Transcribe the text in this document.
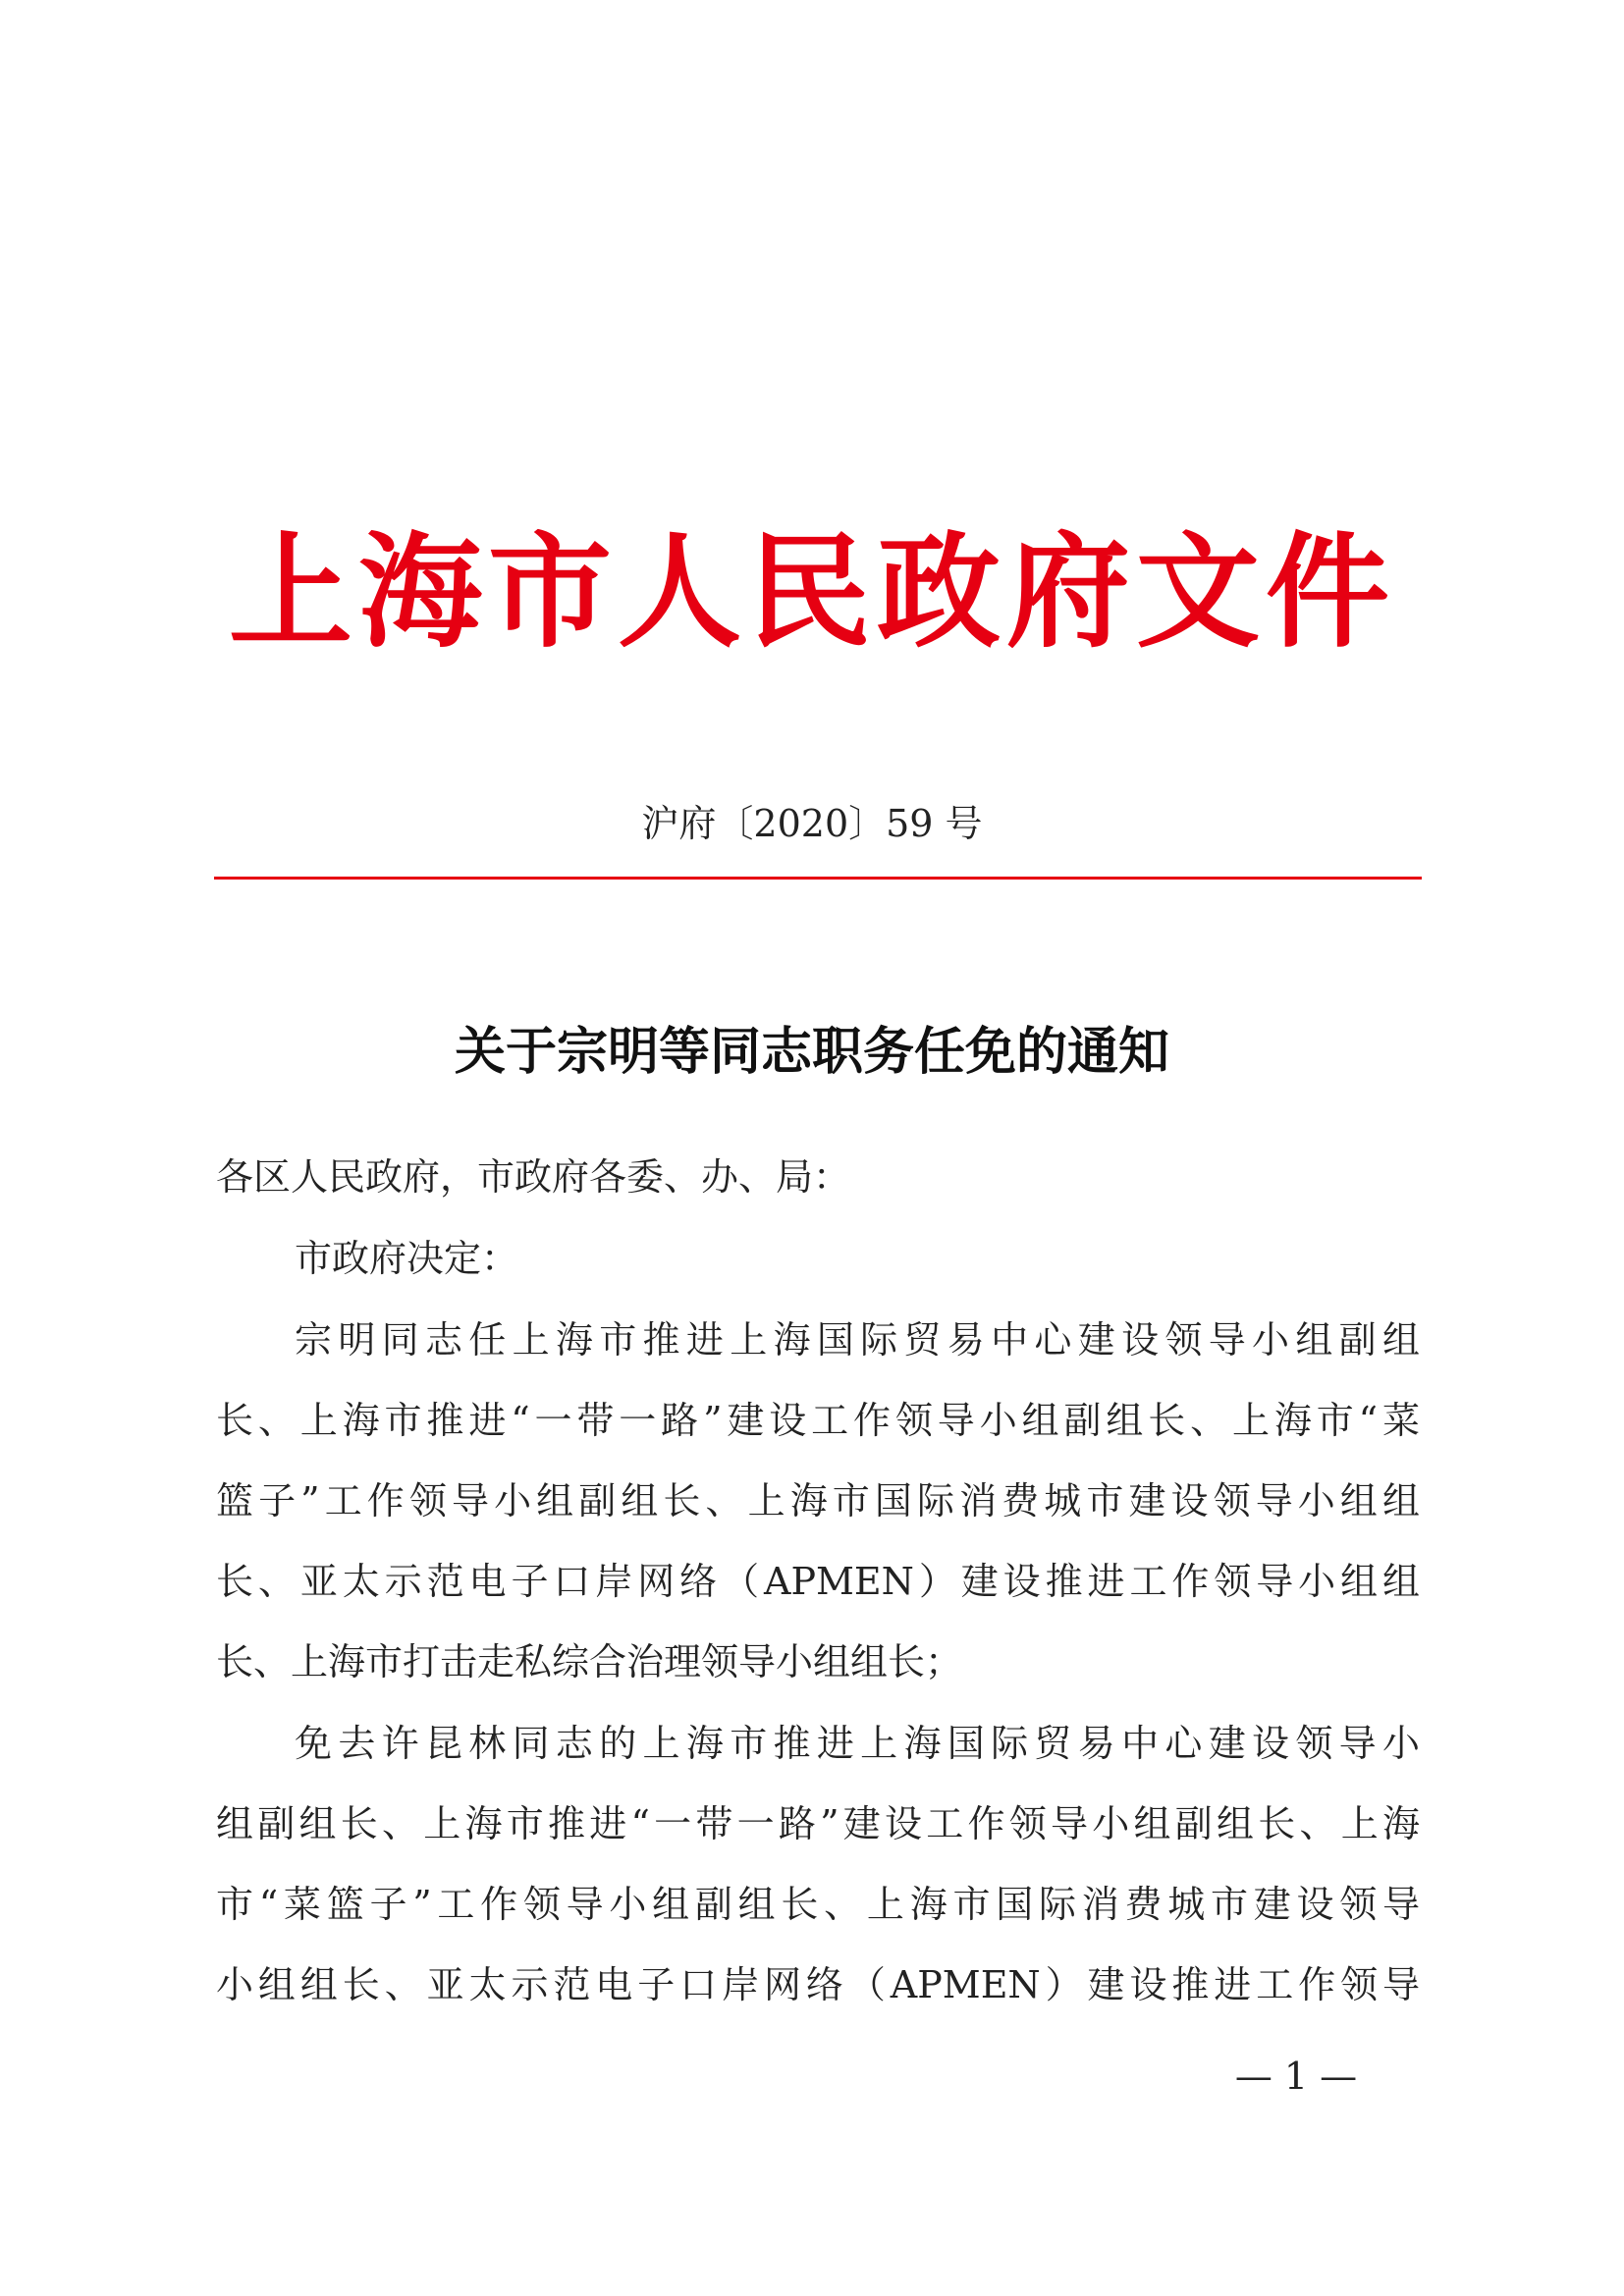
上海市人民政府文件
沪府〔2020〕59 号
关于宗明等同志职务任免的通知
各区人民政府，市政府各委、办、局：
市政府决定：
宗明同志任上海市推进上海国际贸易中心建设领导小组副组
长、上海市推进“一带一路”建设工作领导小组副组长、上海市“菜
篮子”工作领导小组副组长、上海市国际消费城市建设领导小组组
长、亚太示范电子口岸网络（APMEN）建设推进工作领导小组组
长、上海市打击走私综合治理领导小组组长；
免去许昆林同志的上海市推进上海国际贸易中心建设领导小
组副组长、上海市推进“一带一路”建设工作领导小组副组长、上海
市“菜篮子”工作领导小组副组长、上海市国际消费城市建设领导
小组组长、亚太示范电子口岸网络（APMEN）建设推进工作领导
— 1 —
